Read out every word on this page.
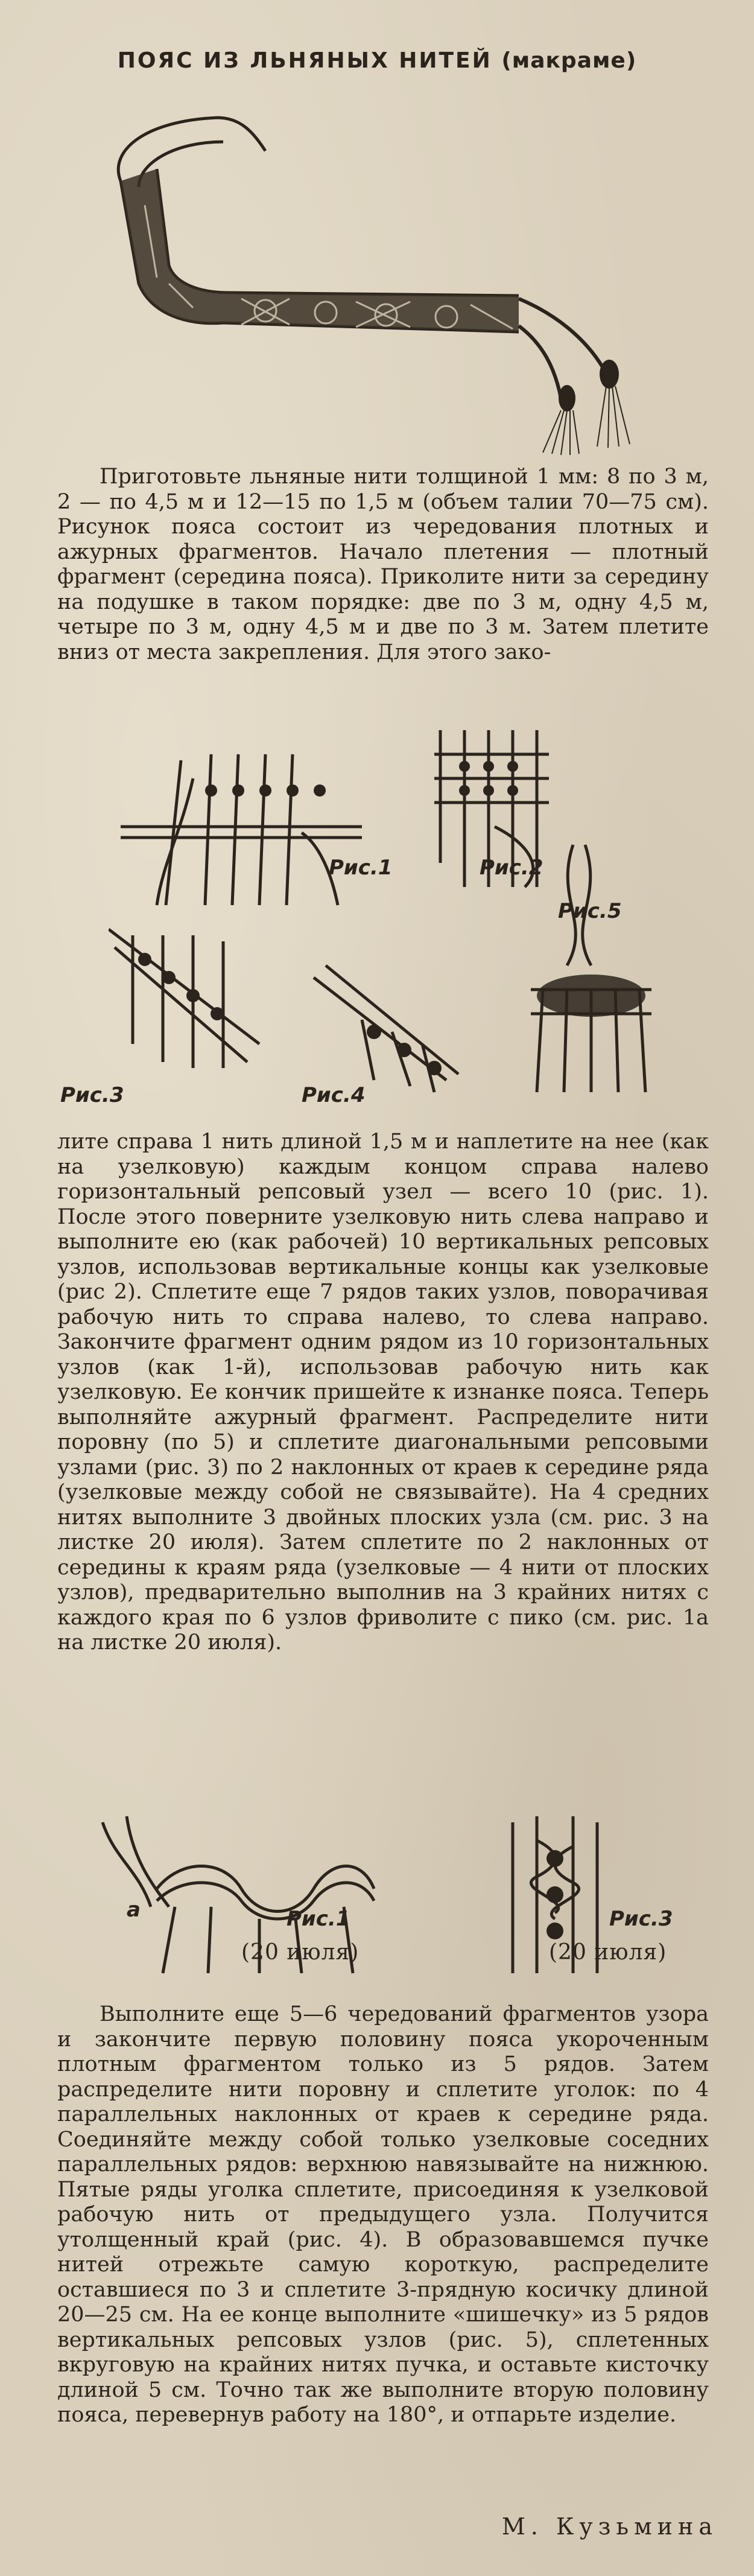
ПОЯС ИЗ ЛЬНЯНЫХ НИТЕЙ (макраме)

Приготовьте льняные нити толщиной 1 мм: 8 по 3 м, 2 — по 4,5 м и 12—15 по 1,5 м (объем талии 70—75 см). Рисунок пояса состоит из чередования плотных и ажурных фрагментов. Начало плетения — плотный фрагмент (середина пояса). Приколите нити за середину на подушке в таком порядке: две по 3 м, одну 4,5 м, четыре по 3 м, одну 4,5 м и две по 3 м. Затем плетите вниз от места закрепления. Для этого зако-

Рис.1	Рис.2
Рис.5
Рис.3	Рис.4

лите справа 1 нить длиной 1,5 м и наплетите на нее (как на узелковую) каждым концом справа налево горизонтальный репсовый узел — всего 10 (рис. 1). После этого поверните узелковую нить слева направо и выполните ею (как рабочей) 10 вертикальных репсовых узлов, использовав вертикальные концы как узелковые (рис 2). Сплетите еще 7 рядов таких узлов, поворачивая рабочую нить то справа налево, то слева направо. Закончите фрагмент одним рядом из 10 горизонтальных узлов (как 1-й), использовав рабочую нить как узелковую. Ее кончик пришейте к изнанке пояса. Теперь выполняйте ажурный фрагмент. Распределите нити поровну (по 5) и сплетите диагональными репсовыми узлами (рис. 3) по 2 наклонных от краев к середине ряда (узелковые между собой не связывайте). На 4 средних нитях выполните 3 двойных плоских узла (см. рис. 3 на листке 20 июля). Затем сплетите по 2 наклонных от середины к краям ряда (узелковые — 4 нити от плоских узлов), предварительно выполнив на 3 крайних нитях с каждого края по 6 узлов фриволите с пико (см. рис. 1а на листке 20 июля).

а	Рис.1	Рис.3
(20 июля)	(20 июля)

Выполните еще 5—6 чередований фрагментов узора и закончите первую половину пояса укороченным плотным фрагментом только из 5 рядов. Затем распределите нити поровну и сплетите уголок: по 4 параллельных наклонных от краев к середине ряда. Соединяйте между собой только узелковые соседних параллельных рядов: верхнюю навязывайте на нижнюю. Пятые ряды уголка сплетите, присоединяя к узелковой рабочую нить от предыдущего узла. Получится утолщенный край (рис. 4). В образовавшемся пучке нитей отрежьте самую короткую, распределите оставшиеся по 3 и сплетите 3-прядную косичку длиной 20—25 см. На ее конце выполните «шишечку» из 5 рядов вертикальных репсовых узлов (рис. 5), сплетенных вкруговую на крайних нитях пучка, и оставьте кисточку длиной 5 см. Точно так же выполните вторую половину пояса, перевернув работу на 180°, и отпарьте изделие.

М. Кузьмина
